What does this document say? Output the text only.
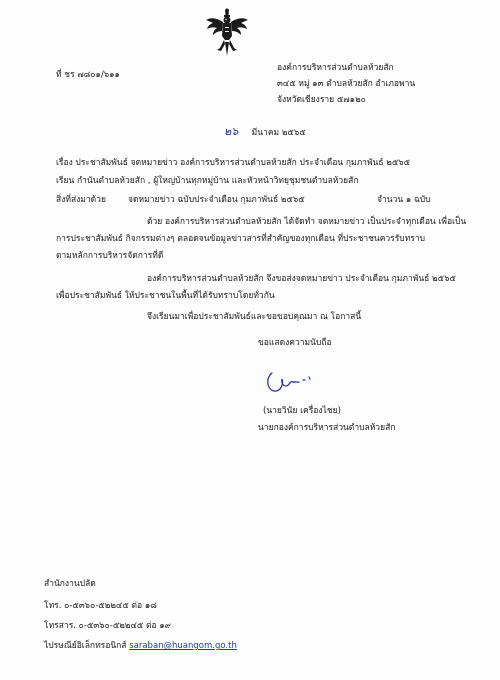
ที่ ชร ๗๘๐๑/๖๑๑
องค์การบริหารส่วนตำบลห้วยสัก
๓๔๕ หมู่ ๑๓ ตำบลห้วยสัก อำเภอพาน
จังหวัดเชียงราย ๕๗๑๒๐
๒๖ มีนาคม ๒๕๖๕
เรื่อง ประชาสัมพันธ์ จดหมายข่าว องค์การบริหารส่วนตำบลห้วยสัก ประจำเดือน กุมภาพันธ์ ๒๕๖๕
เรียน กำนันตำบลห้วยสัก , ผู้ใหญ่บ้านทุกหมู่บ้าน และหัวหน้าวิทยุชุมชนตำบลห้วยสัก
สิ่งที่ส่งมาด้วย	จดหมายข่าว ฉบับประจำเดือน กุมภาพันธ์ ๒๕๖๕	จำนวน ๑ ฉบับ
ด้วย องค์การบริหารส่วนตำบลห้วยสัก ได้จัดทำ จดหมายข่าว เป็นประจำทุกเดือน เพื่อเป็น
การประชาสัมพันธ์ กิจกรรมต่างๆ ตลอดจนข้อมูลข่าวสารที่สำคัญของทุกเดือน ที่ประชาชนควรรับทราบ
ตามหลักการบริหารจัดการที่ดี
องค์การบริหารส่วนตำบลห้วยสัก จึงขอส่งจดหมายข่าว ประจำเดือน กุมภาพันธ์ ๒๕๖๕
เพื่อประชาสัมพันธ์ ให้ประชาชนในพื้นที่ได้รับทราบโดยทั่วกัน
จึงเรียนมาเพื่อประชาสัมพันธ์และขอขอบคุณมา ณ โอกาสนี้
ขอแสดงความนับถือ
(นายวินัย เครื่องไชย)
นายกองค์การบริหารส่วนตำบลห้วยสัก
สำนักงานปลัด
โทร. ๐-๕๓๖๐-๕๒๒๔๕ ต่อ ๑๘
โทรสาร. ๐-๕๓๖๐-๕๒๒๔๕ ต่อ ๑๙
ไปรษณีย์อิเล็กทรอนิกส์ saraban@huangom.go.th
